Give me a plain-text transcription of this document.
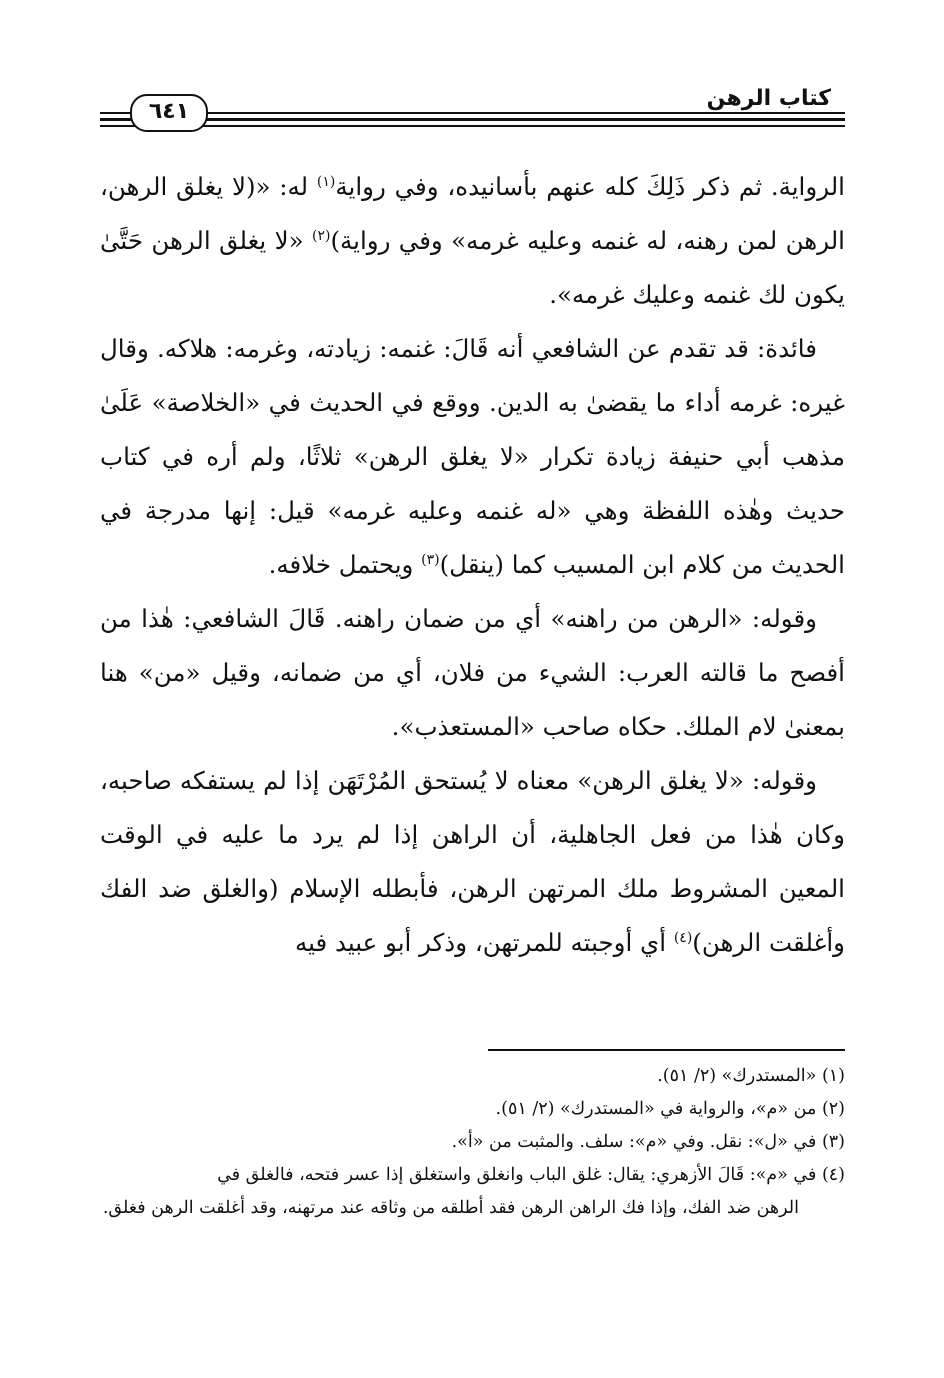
كتاب الرهن
٦٤١

الرواية. ثم ذكر ذَلِكَ كله عنهم بأسانيده، وفي رواية$^{(١)}$ له: «(لا يغلق الرهن، الرهن لمن رهنه، له غنمه وعليه غرمه» وفي رواية)$^{(٢)}$ «لا يغلق الرهن حَتَّىٰ يكون لك غنمه وعليك غرمه».

فائدة: قد تقدم عن الشافعي أنه قَالَ: غنمه: زيادته، وغرمه: هلاكه. وقال غيره: غرمه أداء ما يقضىٰ به الدين. ووقع في الحديث في «الخلاصة» عَلَىٰ مذهب أبي حنيفة زيادة تكرار «لا يغلق الرهن» ثلاثًا، ولم أره في كتاب حديث وهٰذه اللفظة وهي «له غنمه وعليه غرمه» قيل: إنها مدرجة في الحديث من كلام ابن المسيب كما (ينقل)$^{(٣)}$ ويحتمل خلافه.

وقوله: «الرهن من راهنه» أي من ضمان راهنه. قَالَ الشافعي: هٰذا من أفصح ما قالته العرب: الشيء من فلان، أي من ضمانه، وقيل «من» هنا بمعنىٰ لام الملك. حكاه صاحب «المستعذب».

وقوله: «لا يغلق الرهن» معناه لا يُستحق المُرْتَهَن إذا لم يستفكه صاحبه، وكان هٰذا من فعل الجاهلية، أن الراهن إذا لم يرد ما عليه في الوقت المعين المشروط ملك المرتهن الرهن، فأبطله الإسلام (والغلق ضد الفك وأغلقت الرهن)$^{(٤)}$ أي أوجبته للمرتهن، وذكر أبو عبيد فيه

(١) «المستدرك» (٢/ ٥١).

(٢) من «م»، والرواية في «المستدرك» (٢/ ٥١).

(٣) في «ل»: نقل. وفي «م»: سلف. والمثبت من «أ».

(٤) في «م»: قَالَ الأزهري: يقال: غلق الباب وانغلق واستغلق إذا عسر فتحه، فالغلق في
الرهن ضد الفك، وإذا فك الراهن الرهن فقد أطلقه من وثاقه عند مرتهنه، وقد أغلقت الرهن فغلق.
